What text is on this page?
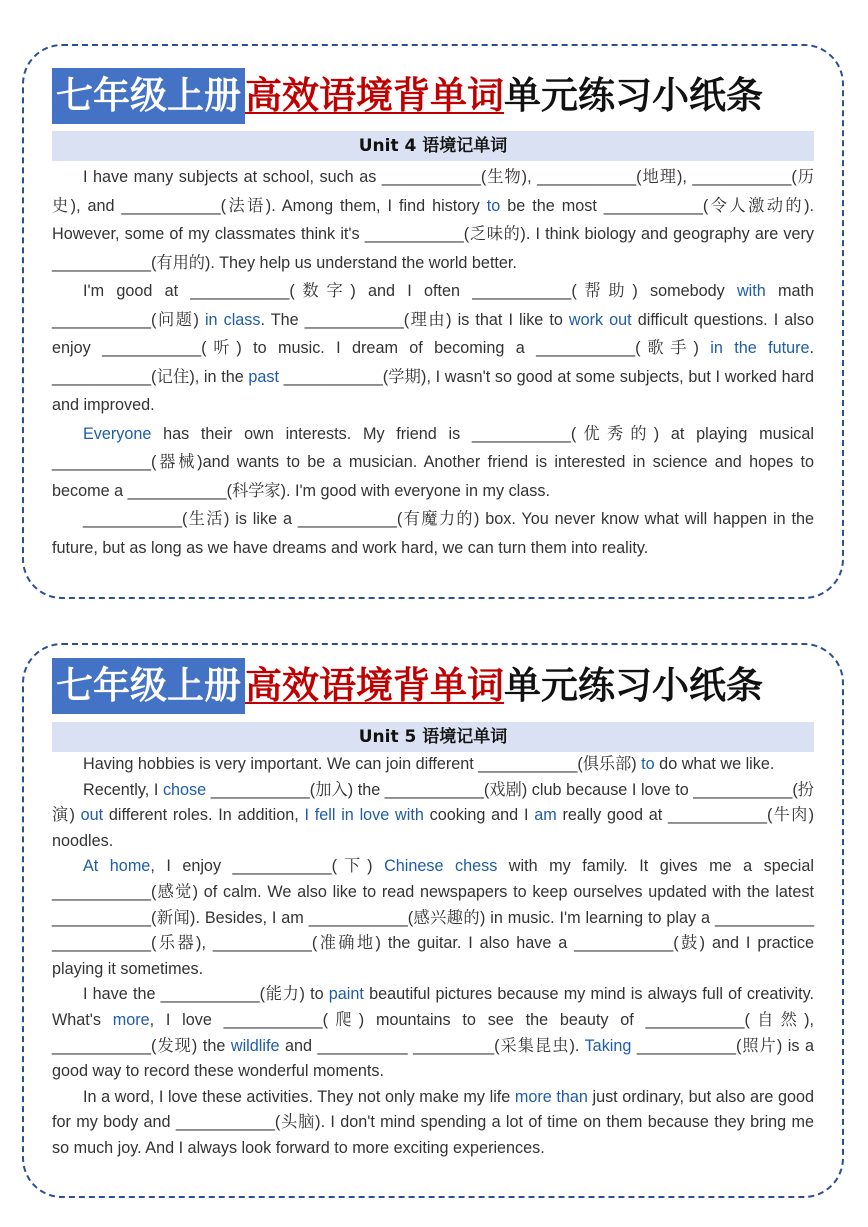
七年级上册 高效语境背单词单元练习小纸条
Unit 4 语境记单词

I have many subjects at school, such as ___________(生物), ___________(地理), ___________(历史), and ___________(法语). Among them, I find history to be the most ___________(令人激动的). However, some of my classmates think it's ___________(乏味的). I think biology and geography are very ___________(有用的). They help us understand the world better.

I'm good at ___________(数字) and I often ___________(帮助) somebody with math ___________(问题) in class. The ___________(理由) is that I like to work out difficult questions. I also enjoy ___________(听) to music. I dream of becoming a ___________(歌手) in the future. ___________(记住), in the past ___________(学期), I wasn't so good at some subjects, but I worked hard and improved.

Everyone has their own interests. My friend is ___________(优秀的) at playing musical ___________(器械)and wants to be a musician. Another friend is interested in science and hopes to become a ___________(科学家). I'm good with everyone in my class.

___________(生活) is like a ___________(有魔力的) box. You never know what will happen in the future, but as long as we have dreams and work hard, we can turn them into reality.

七年级上册 高效语境背单词单元练习小纸条
Unit 5 语境记单词

Having hobbies is very important. We can join different ___________(俱乐部) to do what we like.

Recently, I chose ___________(加入) the ___________(戏剧) club because I love to ___________(扮演) out different roles. In addition, I fell in love with cooking and I am really good at ___________(牛肉) noodles.

At home, I enjoy ___________(下) Chinese chess with my family. It gives me a special ___________(感觉) of calm. We also like to read newspapers to keep ourselves updated with the latest ___________(新闻). Besides, I am ___________(感兴趣的) in music. I'm learning to play a ___________ ___________(乐器), ___________(准确地) the guitar. I also have a ___________(鼓) and I practice playing it sometimes.

I have the ___________(能力) to paint beautiful pictures because my mind is always full of creativity. What's more, I love ___________(爬) mountains to see the beauty of ___________(自然), ___________(发现) the wildlife and __________ _________(采集昆虫). Taking ___________(照片) is a good way to record these wonderful moments.

In a word, I love these activities. They not only make my life more than just ordinary, but also are good for my body and ___________(头脑). I don't mind spending a lot of time on them because they bring me so much joy. And I always look forward to more exciting experiences.
